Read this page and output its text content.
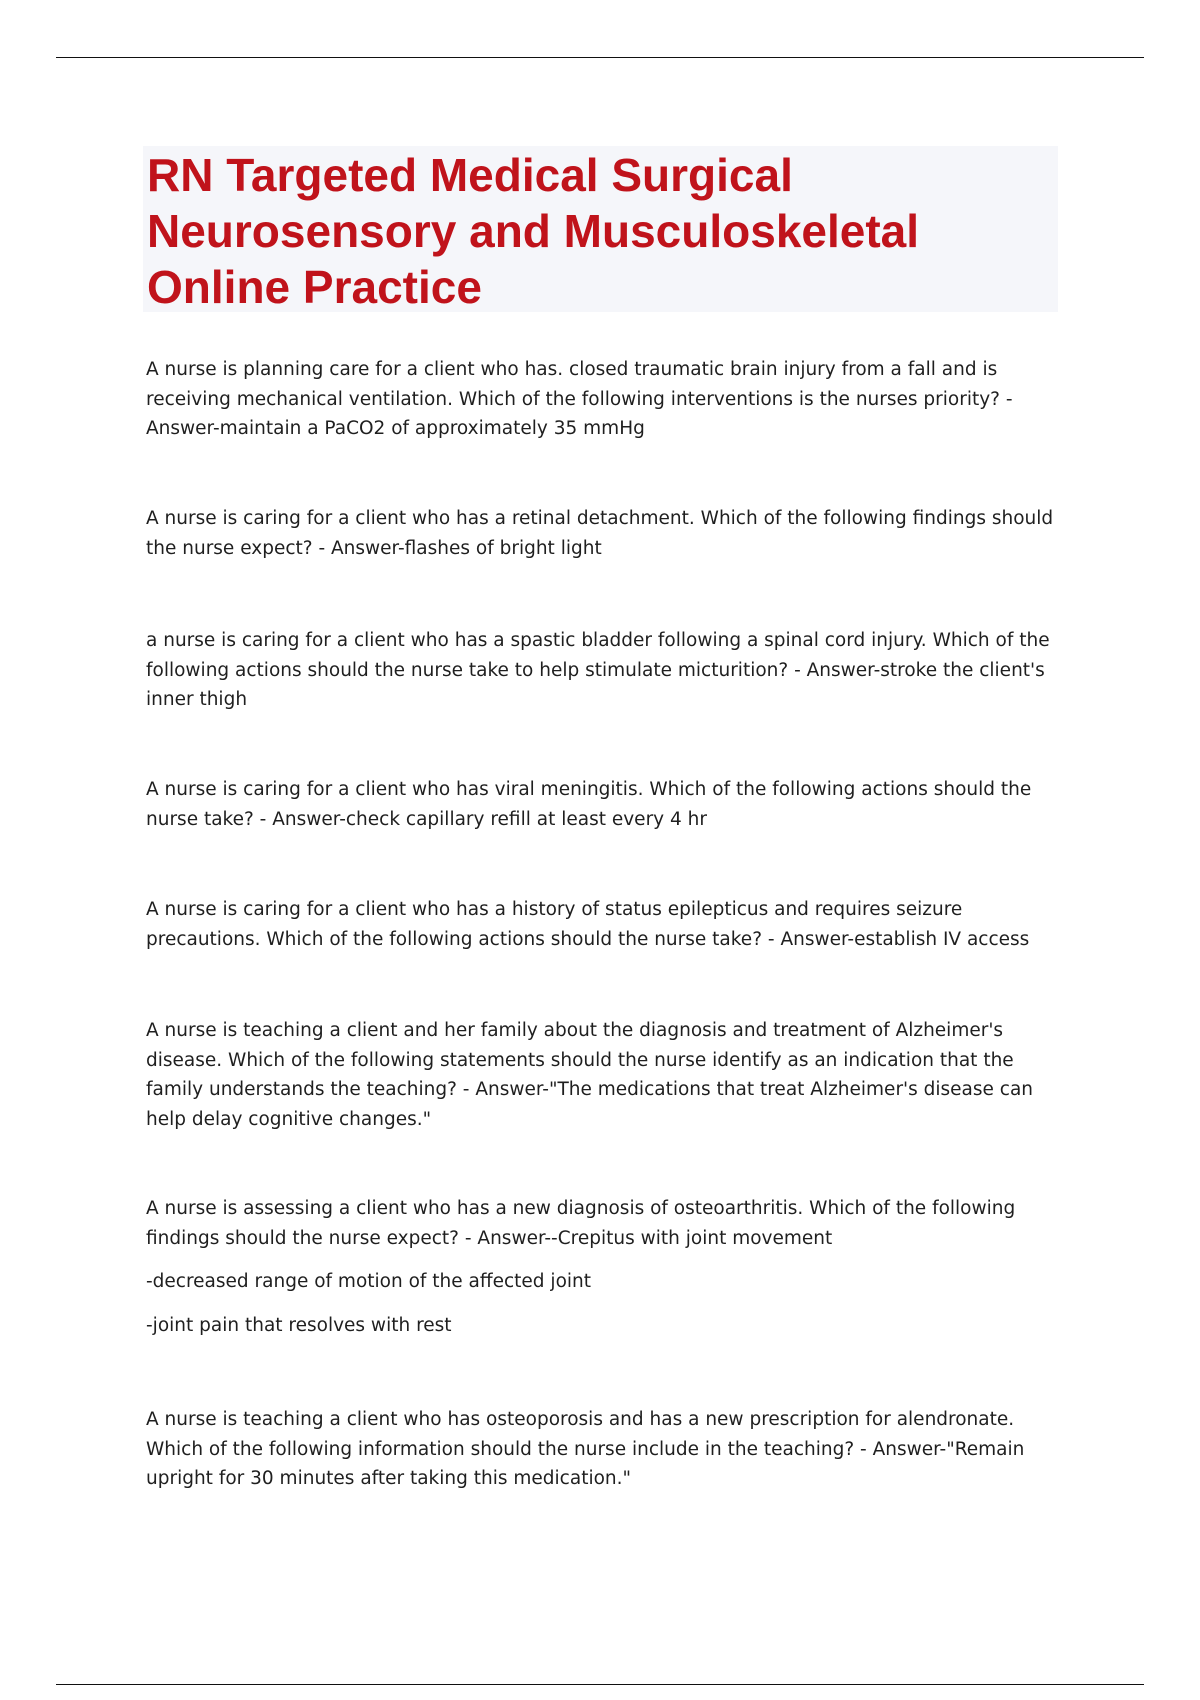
RN Targeted Medical Surgical
Neurosensory and Musculoskeletal
Online Practice

A nurse is planning care for a client who has. closed traumatic brain injury from a fall and is receiving mechanical ventilation. Which of the following interventions is the nurses priority? - Answer-maintain a PaCO2 of approximately 35 mmHg

A nurse is caring for a client who has a retinal detachment. Which of the following findings should the nurse expect? - Answer-flashes of bright light

a nurse is caring for a client who has a spastic bladder following a spinal cord injury. Which of the following actions should the nurse take to help stimulate micturition? - Answer-stroke the client's inner thigh

A nurse is caring for a client who has viral meningitis. Which of the following actions should the nurse take? - Answer-check capillary refill at least every 4 hr

A nurse is caring for a client who has a history of status epilepticus and requires seizure precautions. Which of the following actions should the nurse take? - Answer-establish IV access

A nurse is teaching a client and her family about the diagnosis and treatment of Alzheimer's disease. Which of the following statements should the nurse identify as an indication that the family understands the teaching? - Answer-"The medications that treat Alzheimer's disease can help delay cognitive changes."

A nurse is assessing a client who has a new diagnosis of osteoarthritis. Which of the following findings should the nurse expect? - Answer--Crepitus with joint movement

-decreased range of motion of the affected joint

-joint pain that resolves with rest

A nurse is teaching a client who has osteoporosis and has a new prescription for alendronate. Which of the following information should the nurse include in the teaching? - Answer-"Remain upright for 30 minutes after taking this medication."
